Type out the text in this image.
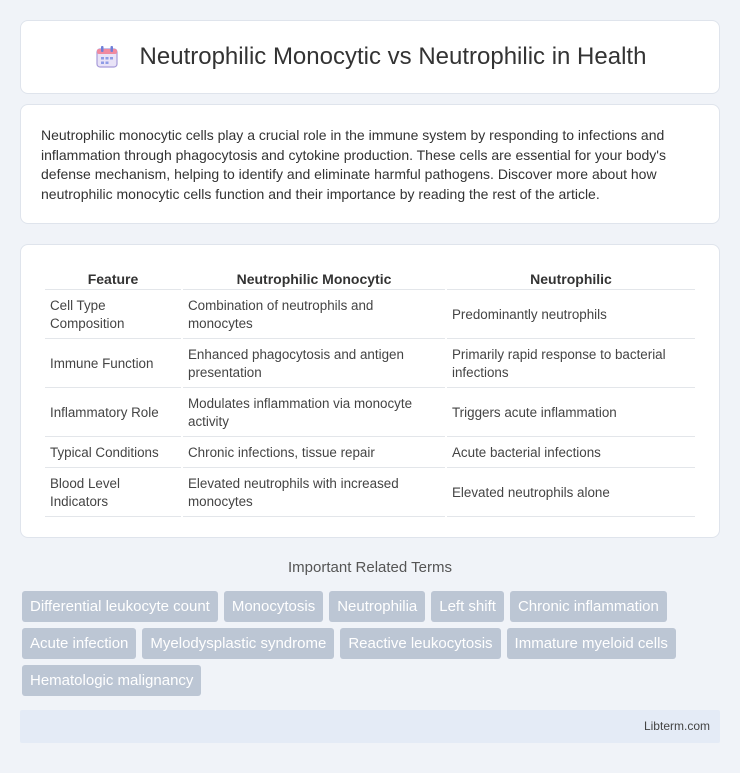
Neutrophilic Monocytic vs Neutrophilic in Health

Neutrophilic monocytic cells play a crucial role in the immune system by responding to infections and inflammation through phagocytosis and cytokine production. These cells are essential for your body's defense mechanism, helping to identify and eliminate harmful pathogens. Discover more about how neutrophilic monocytic cells function and their importance by reading the rest of the article.

Feature	Neutrophilic Monocytic	Neutrophilic
Cell Type Composition	Combination of neutrophils and monocytes	Predominantly neutrophils
Immune Function	Enhanced phagocytosis and antigen presentation	Primarily rapid response to bacterial infections
Inflammatory Role	Modulates inflammation via monocyte activity	Triggers acute inflammation
Typical Conditions	Chronic infections, tissue repair	Acute bacterial infections
Blood Level Indicators	Elevated neutrophils with increased monocytes	Elevated neutrophils alone
Important Related Terms
Differential leukocyte count	Monocytosis	Neutrophilia	Left shift	Chronic inflammation
Acute infection	Myelodysplastic syndrome	Reactive leukocytosis	Immature myeloid cells
Hematologic malignancy
Libterm.com
